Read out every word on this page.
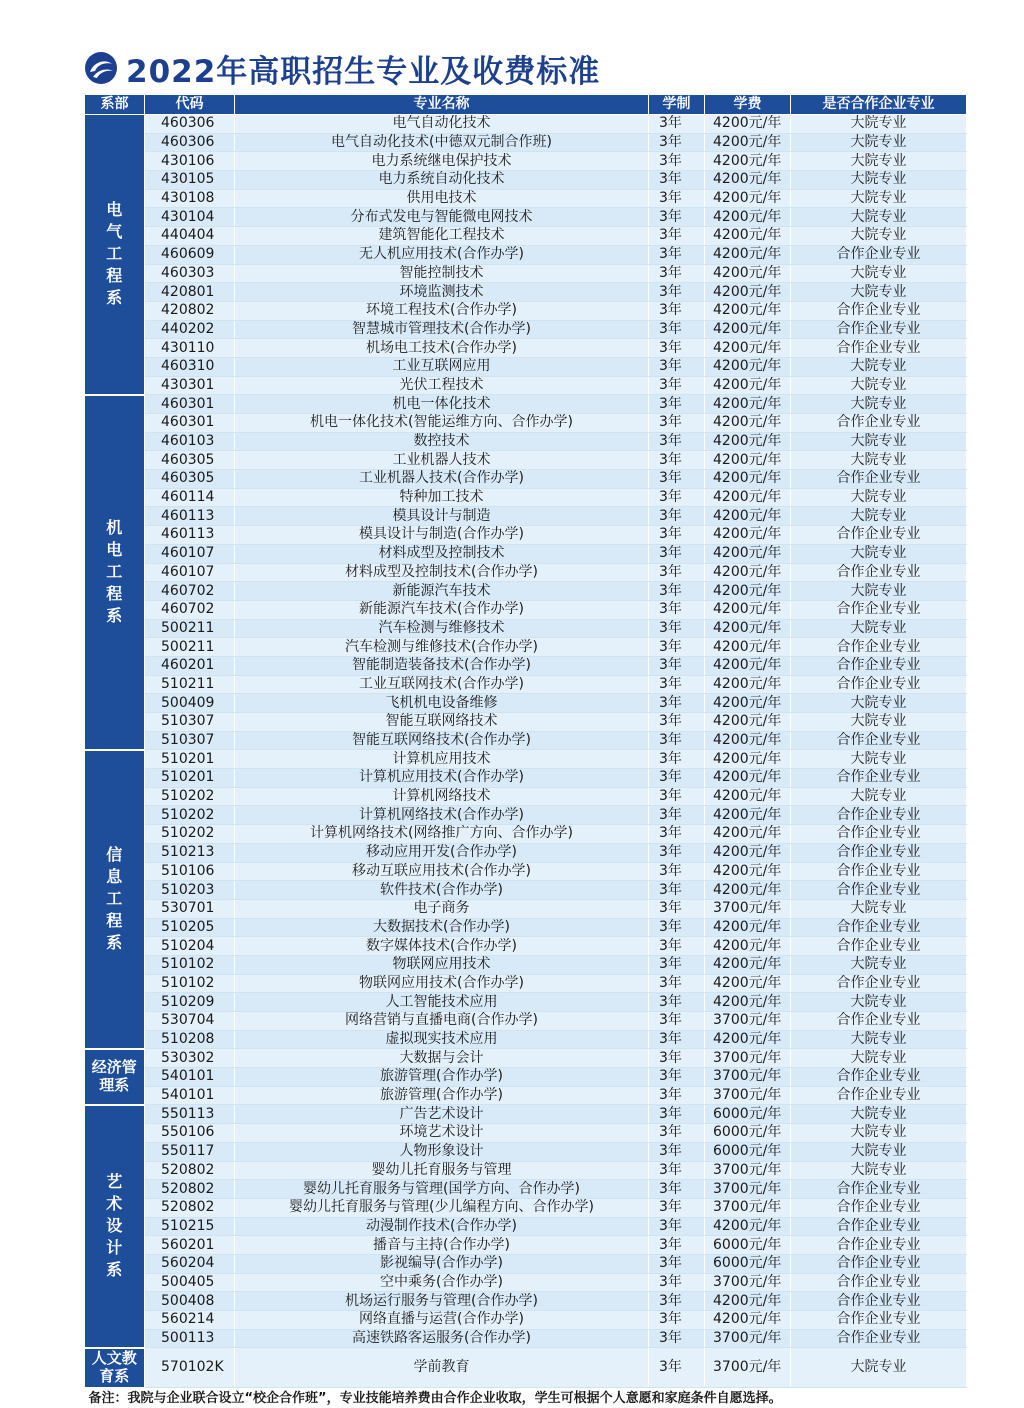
2022年高职招生专业及收费标准
系部	代码	专业名称	学制	学费	是否合作企业专业
电气工程系	460306	电气自动化技术	3年	4200元/年	大院专业
	460306	电气自动化技术(中德双元制合作班)	3年	4200元/年	大院专业
	430106	电力系统继电保护技术	3年	4200元/年	大院专业
	430105	电力系统自动化技术	3年	4200元/年	大院专业
	430108	供用电技术	3年	4200元/年	大院专业
	430104	分布式发电与智能微电网技术	3年	4200元/年	大院专业
	440404	建筑智能化工程技术	3年	4200元/年	大院专业
	460609	无人机应用技术(合作办学)	3年	4200元/年	合作企业专业
	460303	智能控制技术	3年	4200元/年	大院专业
	420801	环境监测技术	3年	4200元/年	大院专业
	420802	环境工程技术(合作办学)	3年	4200元/年	合作企业专业
	440202	智慧城市管理技术(合作办学)	3年	4200元/年	合作企业专业
	430110	机场电工技术(合作办学)	3年	4200元/年	合作企业专业
	460310	工业互联网应用	3年	4200元/年	大院专业
	430301	光伏工程技术	3年	4200元/年	大院专业
机电工程系	460301	机电一体化技术	3年	4200元/年	大院专业
	460301	机电一体化技术(智能运维方向、合作办学)	3年	4200元/年	合作企业专业
	460103	数控技术	3年	4200元/年	大院专业
	460305	工业机器人技术	3年	4200元/年	大院专业
	460305	工业机器人技术(合作办学)	3年	4200元/年	合作企业专业
	460114	特种加工技术	3年	4200元/年	大院专业
	460113	模具设计与制造	3年	4200元/年	大院专业
	460113	模具设计与制造(合作办学)	3年	4200元/年	合作企业专业
	460107	材料成型及控制技术	3年	4200元/年	大院专业
	460107	材料成型及控制技术(合作办学)	3年	4200元/年	合作企业专业
	460702	新能源汽车技术	3年	4200元/年	大院专业
	460702	新能源汽车技术(合作办学)	3年	4200元/年	合作企业专业
	500211	汽车检测与维修技术	3年	4200元/年	大院专业
	500211	汽车检测与维修技术(合作办学)	3年	4200元/年	合作企业专业
	460201	智能制造装备技术(合作办学)	3年	4200元/年	合作企业专业
	510211	工业互联网技术(合作办学)	3年	4200元/年	合作企业专业
	500409	飞机机电设备维修	3年	4200元/年	大院专业
	510307	智能互联网络技术	3年	4200元/年	大院专业
	510307	智能互联网络技术(合作办学)	3年	4200元/年	合作企业专业
信息工程系	510201	计算机应用技术	3年	4200元/年	大院专业
	510201	计算机应用技术(合作办学)	3年	4200元/年	合作企业专业
	510202	计算机网络技术	3年	4200元/年	大院专业
	510202	计算机网络技术(合作办学)	3年	4200元/年	合作企业专业
	510202	计算机网络技术(网络推广方向、合作办学)	3年	4200元/年	合作企业专业
	510213	移动应用开发(合作办学)	3年	4200元/年	合作企业专业
	510106	移动互联应用技术(合作办学)	3年	4200元/年	合作企业专业
	510203	软件技术(合作办学)	3年	4200元/年	合作企业专业
	530701	电子商务	3年	3700元/年	大院专业
	510205	大数据技术(合作办学)	3年	4200元/年	合作企业专业
	510204	数字媒体技术(合作办学)	3年	4200元/年	合作企业专业
	510102	物联网应用技术	3年	4200元/年	大院专业
	510102	物联网应用技术(合作办学)	3年	4200元/年	合作企业专业
	510209	人工智能技术应用	3年	4200元/年	大院专业
	530704	网络营销与直播电商(合作办学)	3年	3700元/年	合作企业专业
	510208	虚拟现实技术应用	3年	4200元/年	大院专业
经济管理系	530302	大数据与会计	3年	3700元/年	大院专业
	540101	旅游管理(合作办学)	3年	3700元/年	合作企业专业
	540101	旅游管理(合作办学)	3年	3700元/年	合作企业专业
艺术设计系	550113	广告艺术设计	3年	6000元/年	大院专业
	550106	环境艺术设计	3年	6000元/年	大院专业
	550117	人物形象设计	3年	6000元/年	大院专业
	520802	婴幼儿托育服务与管理	3年	3700元/年	大院专业
	520802	婴幼儿托育服务与管理(国学方向、合作办学)	3年	3700元/年	合作企业专业
	520802	婴幼儿托育服务与管理(少儿编程方向、合作办学)	3年	3700元/年	合作企业专业
	510215	动漫制作技术(合作办学)	3年	4200元/年	合作企业专业
	560201	播音与主持(合作办学)	3年	6000元/年	合作企业专业
	560204	影视编导(合作办学)	3年	6000元/年	合作企业专业
	500405	空中乘务(合作办学)	3年	3700元/年	合作企业专业
	500408	机场运行服务与管理(合作办学)	3年	4200元/年	合作企业专业
	560214	网络直播与运营(合作办学)	3年	4200元/年	合作企业专业
	500113	高速铁路客运服务(合作办学)	3年	3700元/年	合作企业专业
人文教育系	570102K	学前教育	3年	3700元/年	大院专业
备注：我院与企业联合设立“校企合作班”，专业技能培养费由合作企业收取，学生可根据个人意愿和家庭条件自愿选择。					
